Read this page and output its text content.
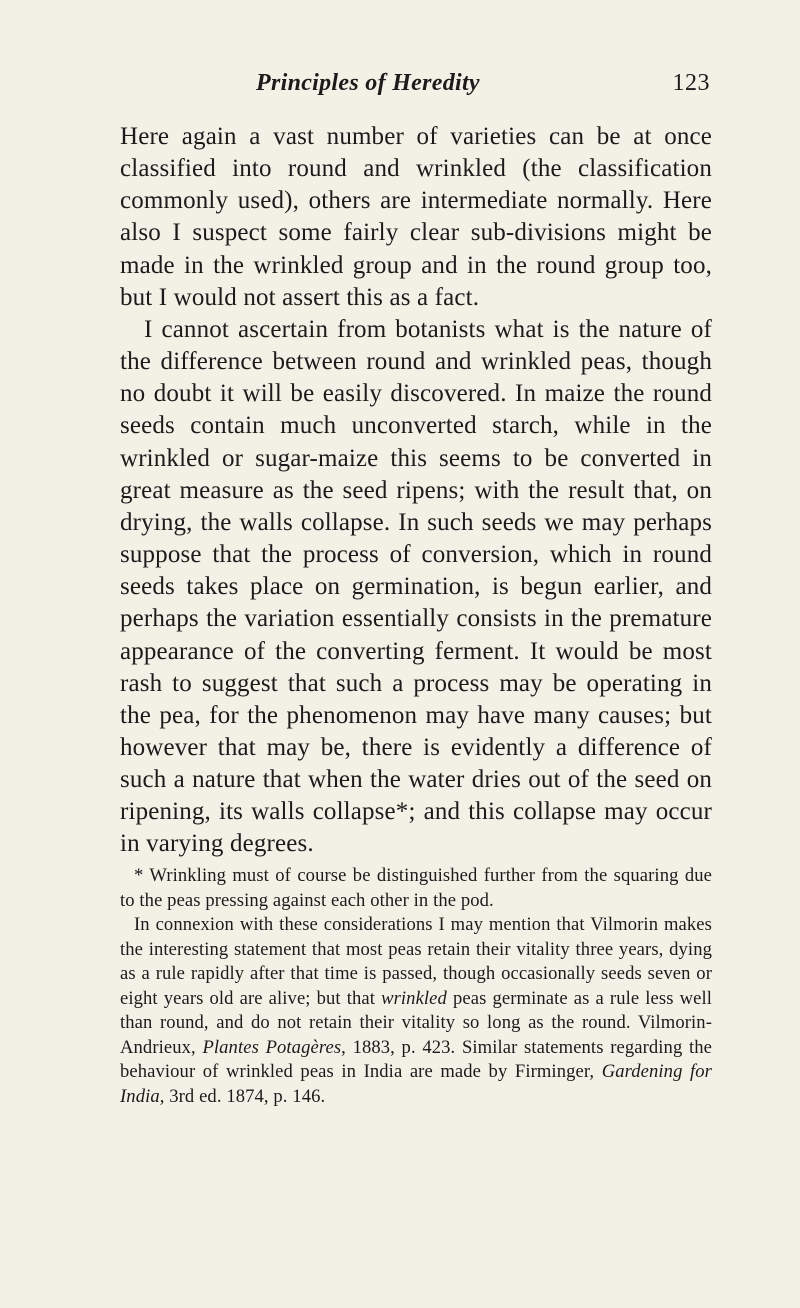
Principles of Heredity	123

Here again a vast number of varieties can be at once classified into round and wrinkled (the classification commonly used), others are intermediate normally. Here also I suspect some fairly clear sub-divisions might be made in the wrinkled group and in the round group too, but I would not assert this as a fact.

I cannot ascertain from botanists what is the nature of the difference between round and wrinkled peas, though no doubt it will be easily discovered. In maize the round seeds contain much unconverted starch, while in the wrinkled or sugar-maize this seems to be converted in great measure as the seed ripens; with the result that, on drying, the walls collapse. In such seeds we may perhaps suppose that the process of conversion, which in round seeds takes place on germination, is begun earlier, and perhaps the variation essentially consists in the premature appearance of the converting ferment. It would be most rash to suggest that such a process may be operating in the pea, for the phenomenon may have many causes; but however that may be, there is evidently a difference of such a nature that when the water dries out of the seed on ripening, its walls collapse*; and this collapse may occur in varying degrees.

* Wrinkling must of course be distinguished further from the squaring due to the peas pressing against each other in the pod.

In connexion with these considerations I may mention that Vilmorin makes the interesting statement that most peas retain their vitality three years, dying as a rule rapidly after that time is passed, though occasionally seeds seven or eight years old are alive; but that wrinkled peas germinate as a rule less well than round, and do not retain their vitality so long as the round. Vilmorin-Andrieux, Plantes Potagères, 1883, p. 423. Similar statements regarding the behaviour of wrinkled peas in India are made by Firminger, Gardening for India, 3rd ed. 1874, p. 146.
